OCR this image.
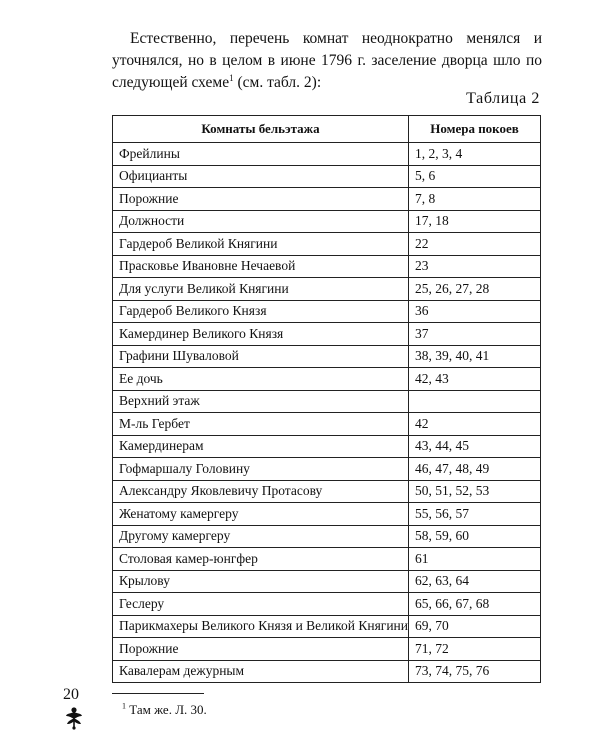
Естественно, перечень комнат неоднократно менялся и уточнялся, но в целом в июне 1796 г. заселение дворца шло по следующей схеме$^1$ (см. табл. 2):

Таблица 2

Комнаты бельэтажа	Номера покоев
Фрейлины	1, 2, 3, 4
Официанты	5, 6
Порожние	7, 8
Должности	17, 18
Гардероб Великой Княгини	22
Прасковье Ивановне Нечаевой	23
Для услуги Великой Княгини	25, 26, 27, 28
Гардероб Великого Князя	36
Камердинер Великого Князя	37
Графини Шуваловой	38, 39, 40, 41
Ее дочь	42, 43
Верхний этаж	
М-ль Гербет	42
Камердинерам	43, 44, 45
Гофмаршалу Головину	46, 47, 48, 49
Александру Яковлевичу Протасову	50, 51, 52, 53
Женатому камергеру	55, 56, 57
Другому камергеру	58, 59, 60
Столовая камер-юнгфер	61
Крылову	62, 63, 64
Геслеру	65, 66, 67, 68
Парикмахеры Великого Князя и Великой Княгини	69, 70
Порожние	71, 72
Кавалерам дежурным	73, 74, 75, 76

$^1$ Там же. Л. 30.

20
